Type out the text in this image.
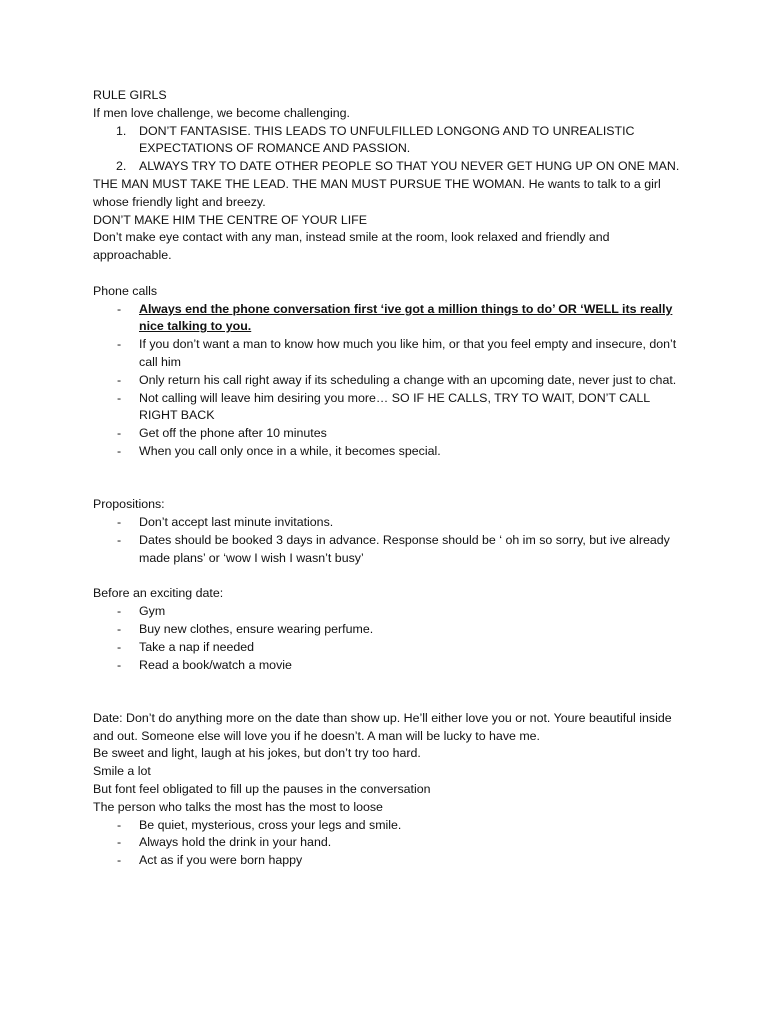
RULE GIRLS

If men love challenge, we become challenging.

1. DON’T FANTASISE. THIS LEADS TO UNFULFILLED LONGONG AND TO UNREALISTIC EXPECTATIONS OF ROMANCE AND PASSION.
2. ALWAYS TRY TO DATE OTHER PEOPLE SO THAT YOU NEVER GET HUNG UP ON ONE MAN.

THE MAN MUST TAKE THE LEAD. THE MAN MUST PURSUE THE WOMAN. He wants to talk to a girl whose friendly light and breezy.

DON’T MAKE HIM THE CENTRE OF YOUR LIFE

Don’t make eye contact with any man, instead smile at the room, look relaxed and friendly and approachable.

Phone calls

- Always end the phone conversation first ‘ive got a million things to do’ OR ‘WELL its really nice talking to you.
- If you don’t want a man to know how much you like him, or that you feel empty and insecure, don’t call him
- Only return his call right away if its scheduling a change with an upcoming date, never just to chat.
- Not calling will leave him desiring you more… SO IF HE CALLS, TRY TO WAIT, DON’T CALL RIGHT BACK
- Get off the phone after 10 minutes
- When you call only once in a while, it becomes special.

Propositions:

- Don’t accept last minute invitations.
- Dates should be booked 3 days in advance. Response should be ‘ oh im so sorry, but ive already made plans’ or ‘wow I wish I wasn’t busy’

Before an exciting date:

- Gym
- Buy new clothes, ensure wearing perfume.
- Take a nap if needed
- Read a book/watch a movie

Date: Don’t do anything more on the date than show up. He’ll either love you or not. Youre beautiful inside and out. Someone else will love you if he doesn’t. A man will be lucky to have me.

Be sweet and light, laugh at his jokes, but don’t try too hard.

Smile a lot

But font feel obligated to fill up the pauses in the conversation

The person who talks the most has the most to loose

- Be quiet, mysterious, cross your legs and smile.
- Always hold the drink in your hand.
- Act as if you were born happy
